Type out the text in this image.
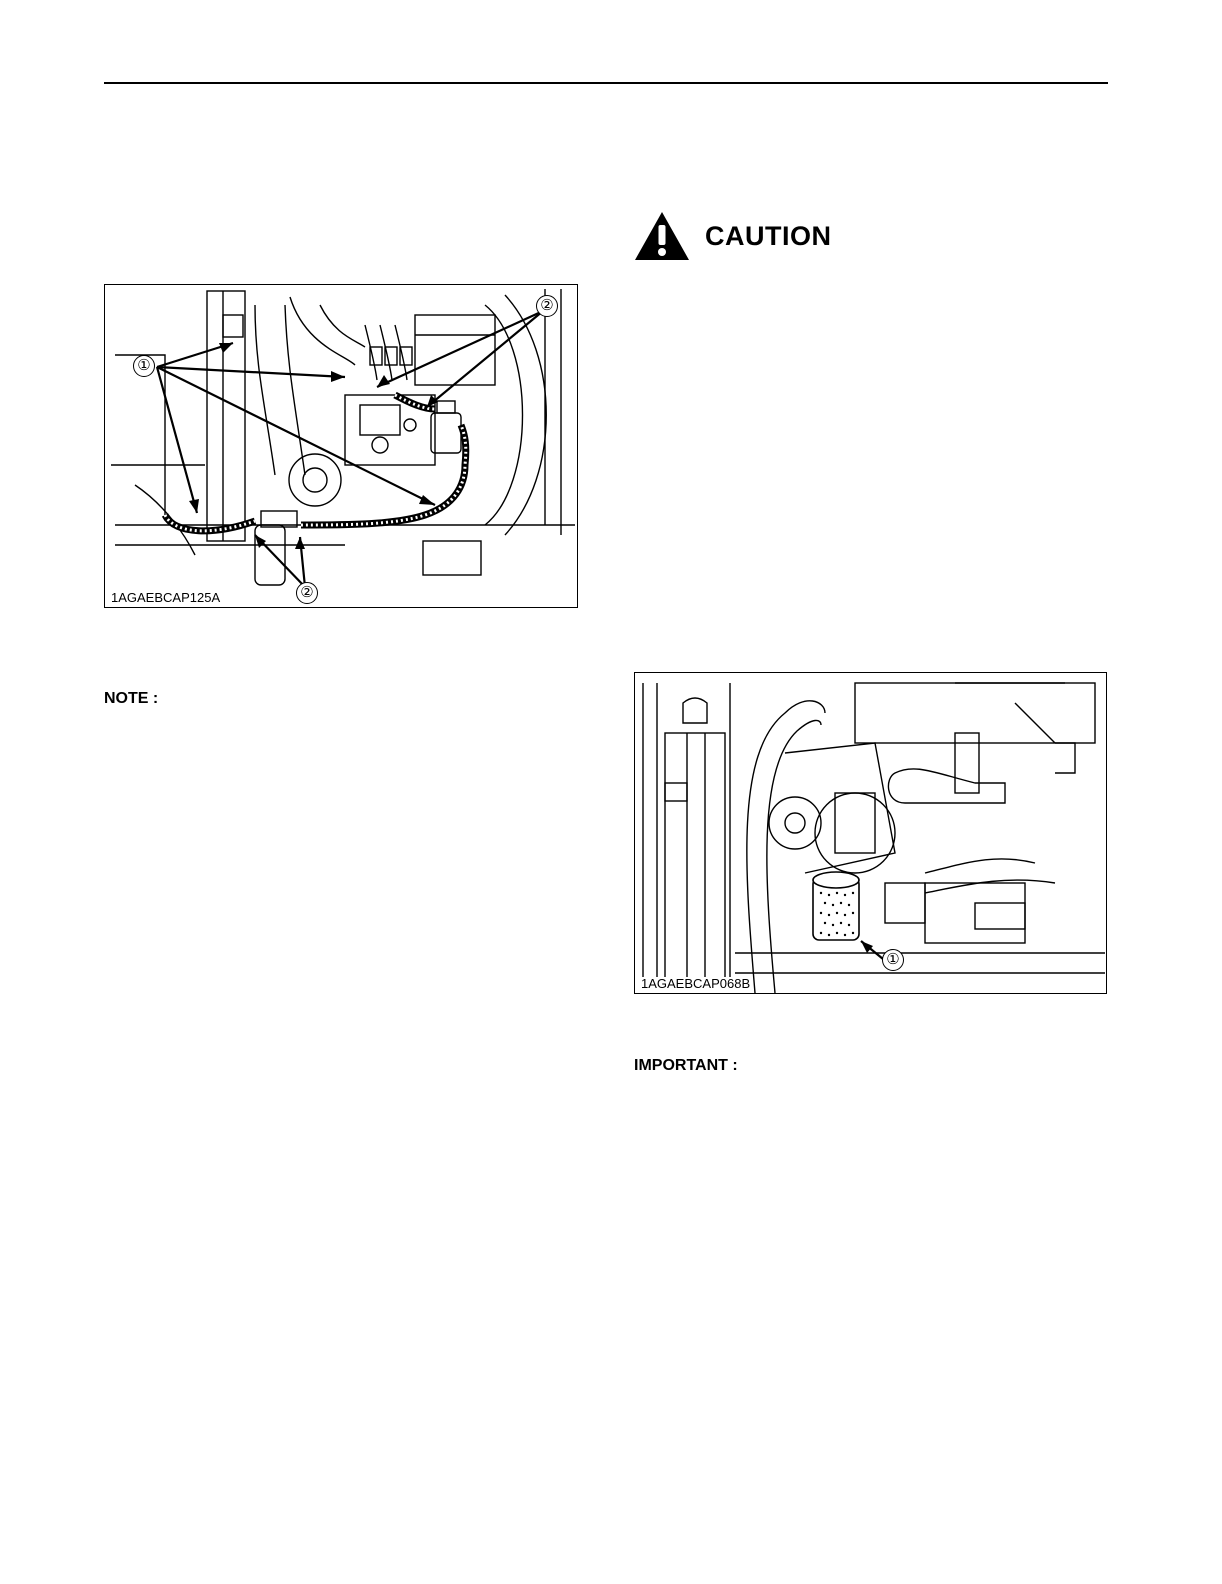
①
②
②
1AGAEBCAP125A
CAUTION
①
1AGAEBCAP068B
NOTE :
IMPORTANT :
